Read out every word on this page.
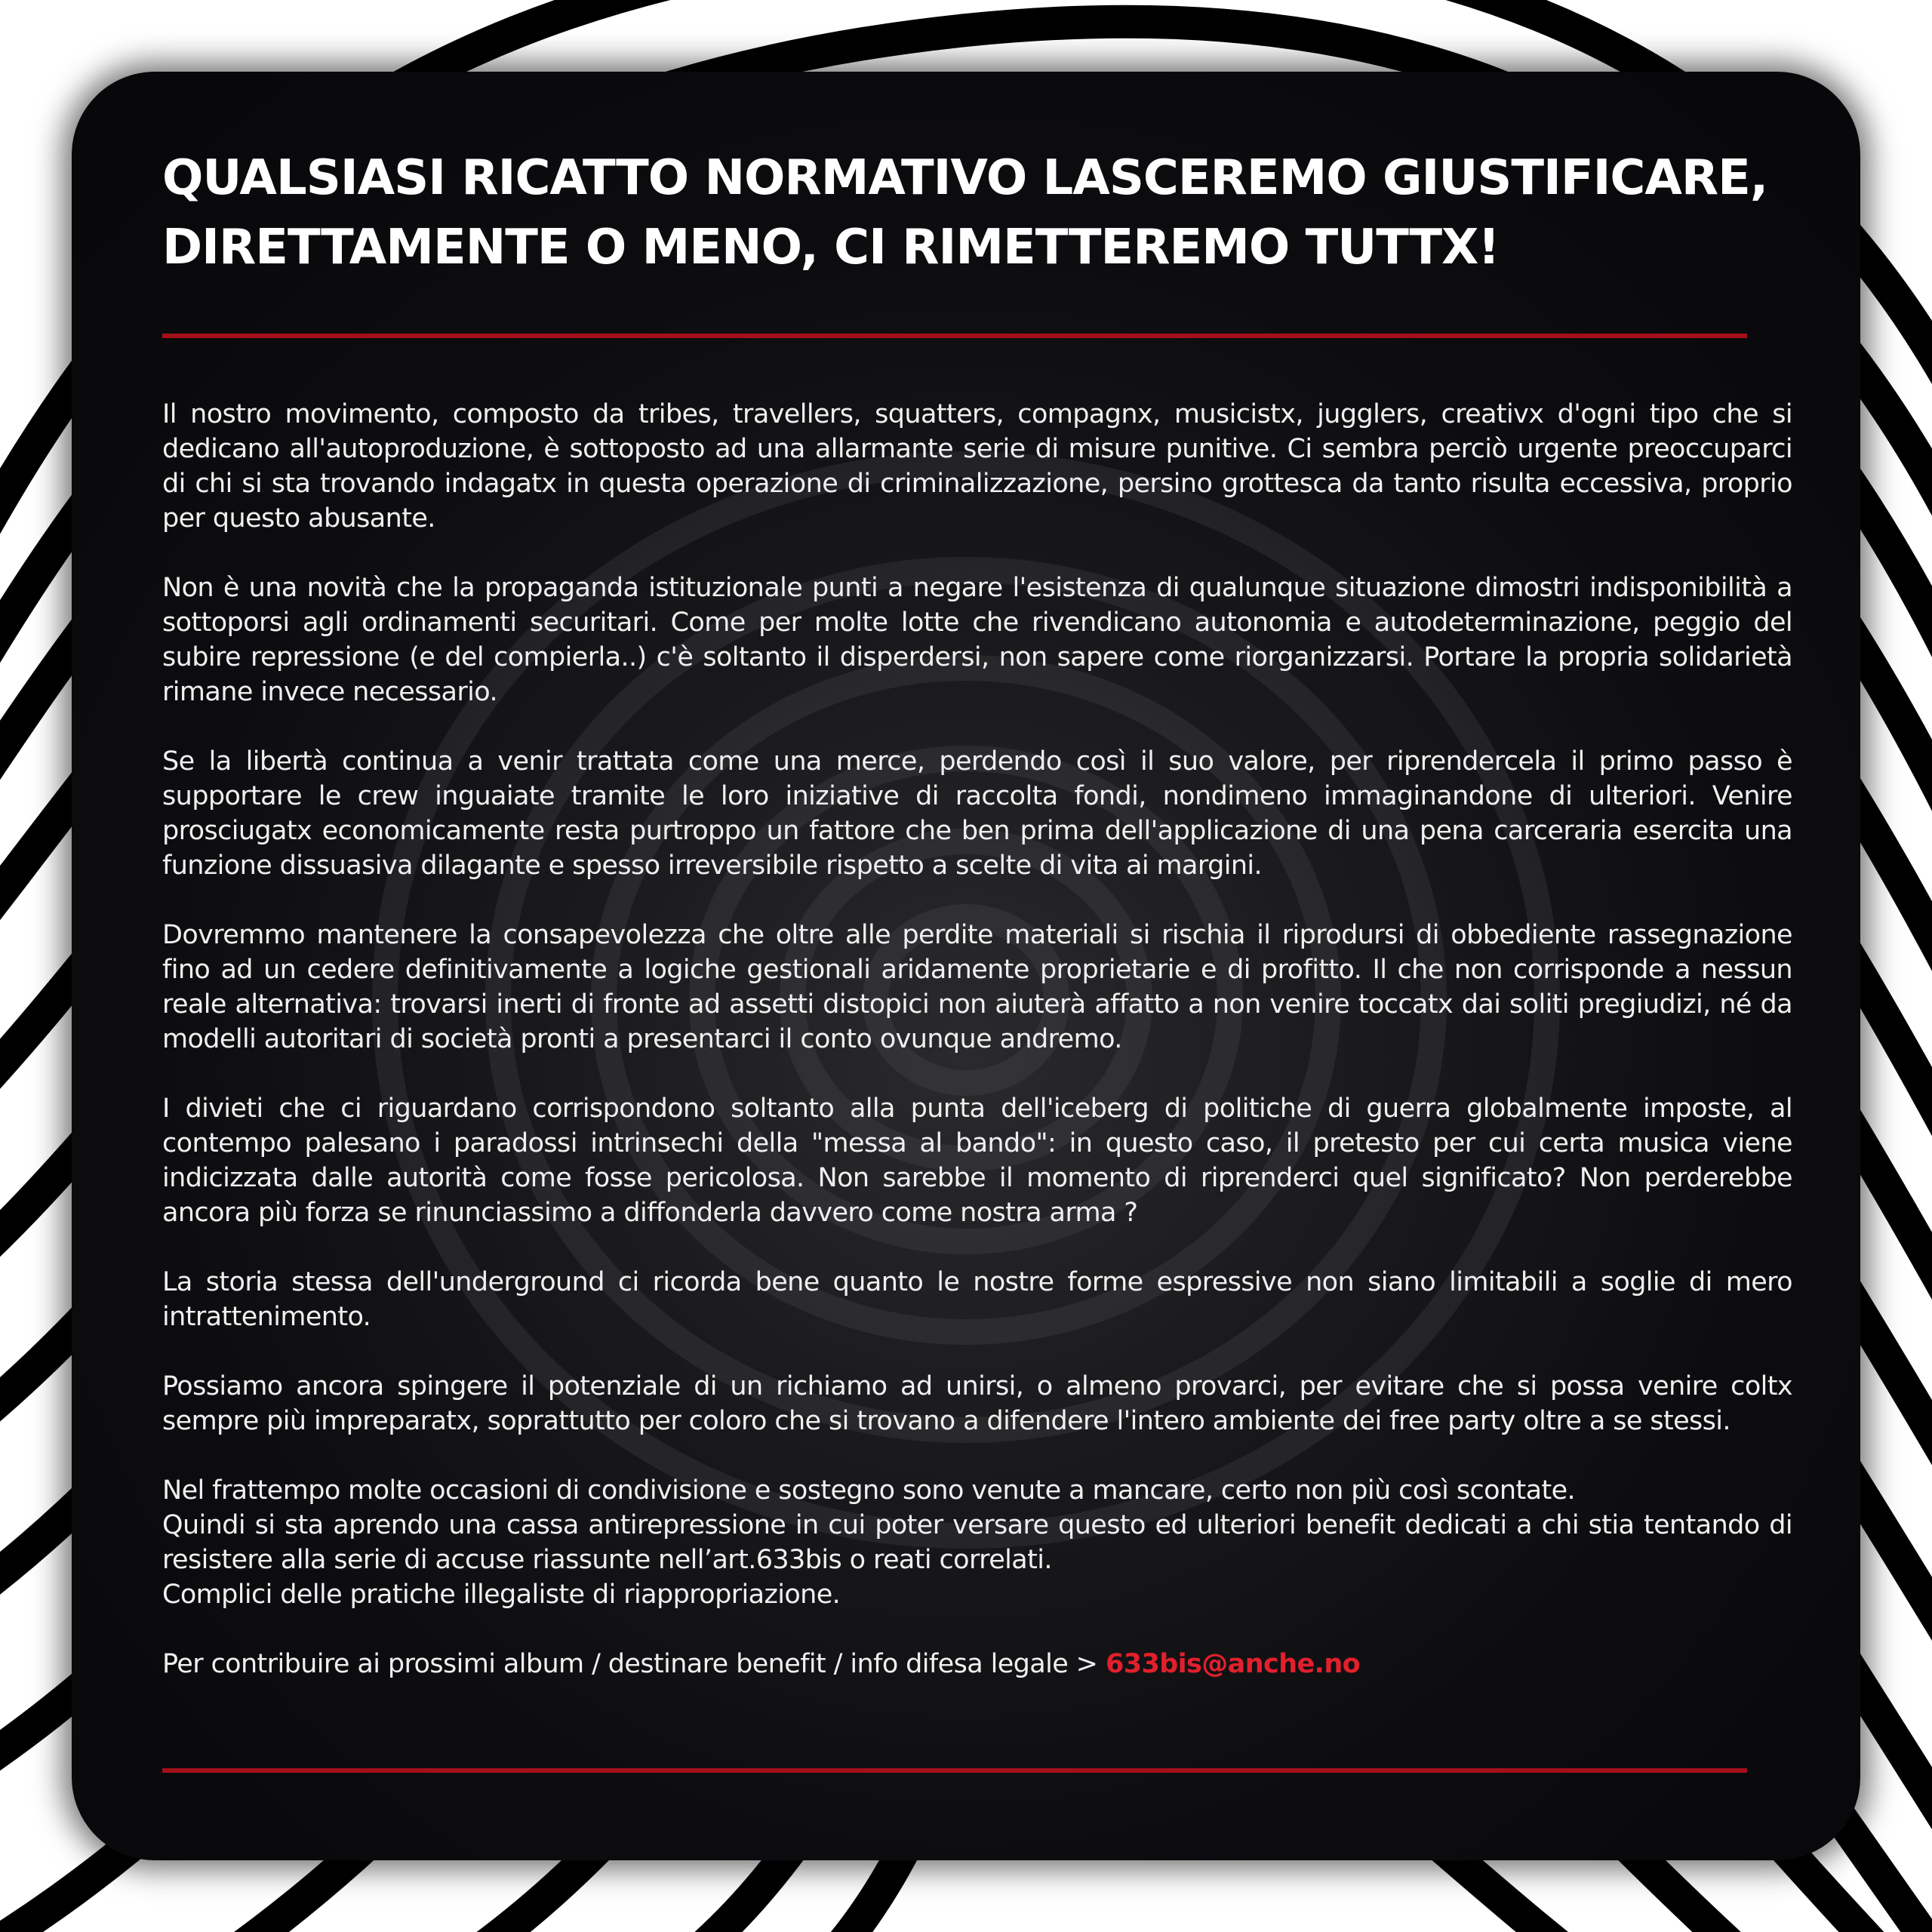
QUALSIASI RICATTO NORMATIVO LASCEREMO GIUSTIFICARE,
DIRETTAMENTE O MENO, CI RIMETTEREMO TUTTX!

Il nostro movimento, composto da tribes, travellers, squatters, compagnx, musicistx, jugglers, creativx d'ogni tipo che si dedicano all'autoproduzione, è sottoposto ad una allarmante serie di misure punitive. Ci sembra perciò urgente preoccuparci di chi si sta trovando indagatx in questa operazione di criminalizzazione, persino grottesca da tanto risulta eccessiva, proprio per questo abusante.

Non è una novità che la propaganda istituzionale punti a negare l'esistenza di qualunque situazione dimostri indisponibilità a sottoporsi agli ordinamenti securitari. Come per molte lotte che rivendicano autonomia e autodeterminazione, peggio del subire repressione (e del compierla..) c'è soltanto il disperdersi, non sapere come riorganizzarsi. Portare la propria solidarietà rimane invece necessario.

Se la libertà continua a venir trattata come una merce, perdendo così il suo valore, per riprendercela il primo passo è supportare le crew inguaiate tramite le loro iniziative di raccolta fondi, nondimeno immaginandone di ulteriori. Venire prosciugatx economicamente resta purtroppo un fattore che ben prima dell'applicazione di una pena carceraria esercita una funzione dissuasiva dilagante e spesso irreversibile rispetto a scelte di vita ai margini.

Dovremmo mantenere la consapevolezza che oltre alle perdite materiali si rischia il riprodursi di obbediente rassegnazione fino ad un cedere definitivamente a logiche gestionali aridamente proprietarie e di profitto. Il che non corrisponde a nessun reale alternativa: trovarsi inerti di fronte ad assetti distopici non aiuterà affatto a non venire toccatx dai soliti pregiudizi, né da modelli autoritari di società pronti a presentarci il conto ovunque andremo.

I divieti che ci riguardano corrispondono soltanto alla punta dell'iceberg di politiche di guerra globalmente imposte, al contempo palesano i paradossi intrinsechi della "messa al bando": in questo caso, il pretesto per cui certa musica viene indicizzata dalle autorità come fosse pericolosa. Non sarebbe il momento di riprenderci quel significato? Non perderebbe ancora più forza se rinunciassimo a diffonderla davvero come nostra arma ?

La storia stessa dell'underground ci ricorda bene quanto le nostre forme espressive non siano limitabili a soglie di mero intrattenimento.

Possiamo ancora spingere il potenziale di un richiamo ad unirsi, o almeno provarci, per evitare che si possa venire coltx sempre più impreparatx, soprattutto per coloro che si trovano a difendere l'intero ambiente dei free party oltre a se stessi.

Nel frattempo molte occasioni di condivisione e sostegno sono venute a mancare, certo non più così scontate.
Quindi si sta aprendo una cassa antirepressione in cui poter versare questo ed ulteriori benefit dedicati a chi stia tentando di resistere alla serie di accuse riassunte nell’art.633bis o reati correlati.
Complici delle pratiche illegaliste di riappropriazione.

Per contribuire ai prossimi album / destinare benefit / info difesa legale > 633bis@anche.no
